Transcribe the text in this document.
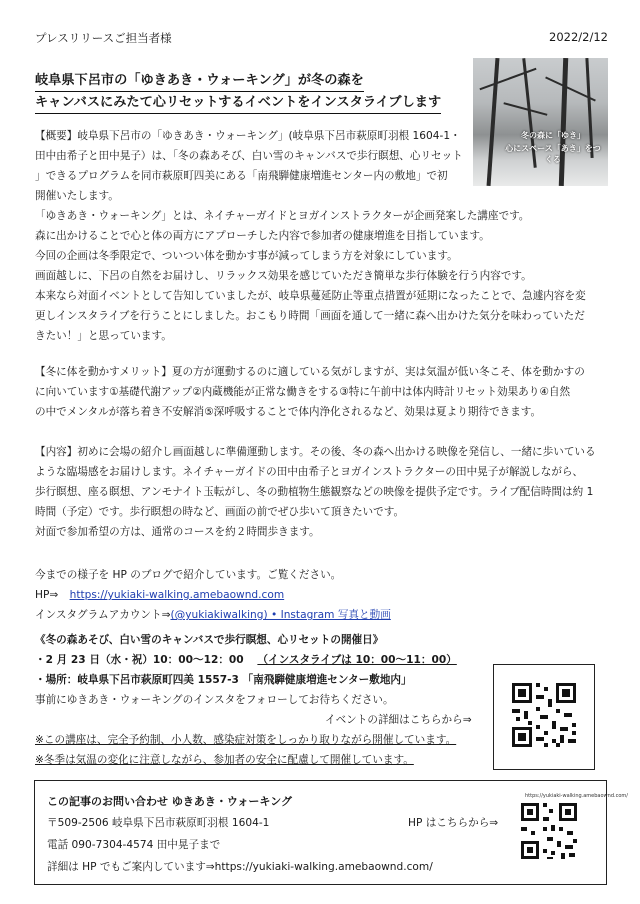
プレスリリースご担当者様	2022/2/12
岐阜県下呂市の「ゆきあき・ウォーキング」が冬の森を
キャンバスにみたて心リセットするイベントをインスタライブします
冬の森に「ゆき」
心にスペース「あき」をつくる
【概要】岐阜県下呂市の「ゆきあき・ウォーキング」(岐阜県下呂市萩原町羽根 1604-1・
田中由希子と田中晃子）は、「冬の森あそび、白い雪のキャンバスで歩行瞑想、心リセット
」できるプログラムを同市萩原町四美にある「南飛騨健康増進センター内の敷地」で初
開催いたします。
「ゆきあき・ウォーキング」とは、ネイチャーガイドとヨガインストラクターが企画発案した講座です。
森に出かけることで心と体の両方にアプローチした内容で参加者の健康増進を目指しています。
今回の企画は冬季限定で、ついつい体を動かす事が減ってしまう方を対象にしています。
画面越しに、下呂の自然をお届けし、リラックス効果を感じていただき簡単な歩行体験を行う内容です。
本来なら対面イベントとして告知していましたが、岐阜県蔓延防止等重点措置が延期になったことで、急遽内容を変
更しインスタライブを行うことにしました。おこもり時間「画面を通して一緒に森へ出かけた気分を味わっていただ
きたい！」と思っています。
【冬に体を動かすメリット】夏の方が運動するのに適している気がしますが、実は気温が低い冬こそ、体を動かすの
に向いています①基礎代謝アップ②内蔵機能が正常な働きをする③特に午前中は体内時計リセット効果あり④自然
の中でメンタルが落ち着き不安解消⑤深呼吸することで体内浄化されるなど、効果は夏より期待できます。
【内容】初めに会場の紹介し画面越しに準備運動します。その後、冬の森へ出かける映像を発信し、一緒に歩いている
ような臨場感をお届けします。ネイチャーガイドの田中由希子とヨガインストラクターの田中晃子が解説しながら、
歩行瞑想、座る瞑想、アンモナイト玉転がし、冬の動植物生態観察などの映像を提供予定です。ライブ配信時間は約 1
時間（予定）です。歩行瞑想の時など、画面の前でぜひ歩いて頂きたいです。
対面で参加希望の方は、通常のコースを約２時間歩きます。
今までの様子を HP のブログで紹介しています。ご覧ください。
HP⇒ https://yukiaki-walking.amebaownd.com
インスタグラムアカウント⇒(@yukiakiwalking) • Instagram 写真と動画
《冬の森あそび、白い雪のキャンバスで歩行瞑想、心リセットの開催日》
・2 月 23 日（水・祝）10：00〜12：00 （インスタライブは 10：00〜11：00）
・場所：岐阜県下呂市萩原町四美 1557-3 「南飛騨健康増進センター敷地内」
事前にゆきあき・ウォーキングのインスタをフォローしてお待ちください。
イベントの詳細はこちらから⇒
※この講座は、完全予約制、小人数、感染症対策をしっかり取りながら開催しています。
※冬季は気温の変化に注意しながら、参加者の安全に配慮して開催しています。
この記事のお問い合わせ ゆきあき・ウォーキング
〒509-2506 岐阜県下呂市萩原町羽根 1604-1	HP はこちらから⇒
電話 090-7304-4574 田中晃子まで
詳細は HP でもご案内しています⇒https://yukiaki-walking.amebaownd.com/
https://yukiaki-walking.amebaownd.com/
